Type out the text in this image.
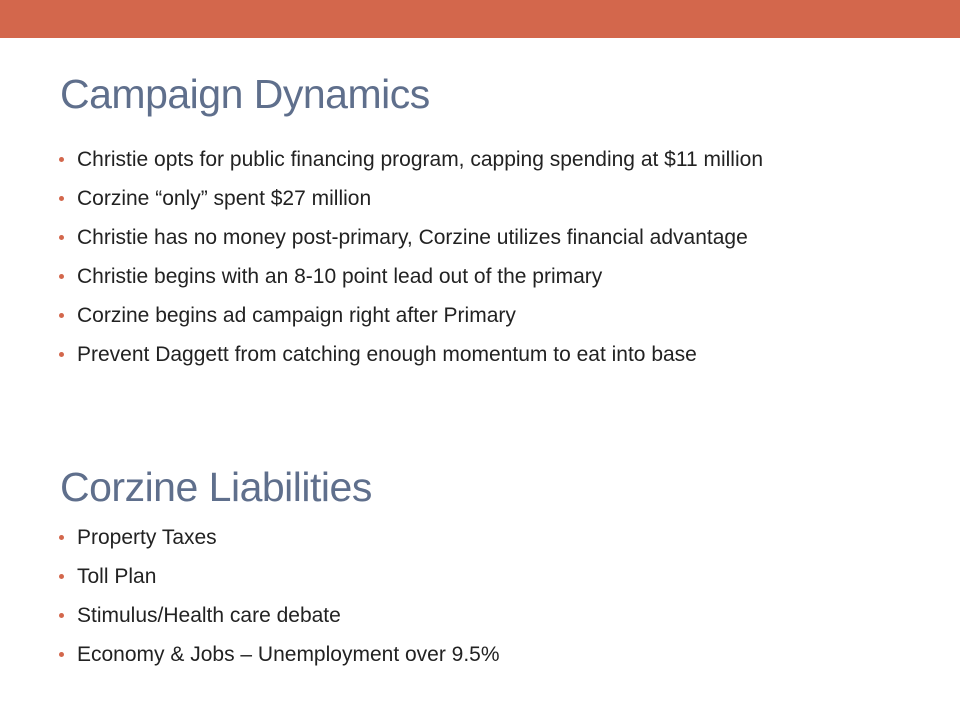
Campaign Dynamics
Christie opts for public financing program, capping spending at $11 million
Corzine “only” spent $27 million
Christie has no money post-primary, Corzine utilizes financial advantage
Christie begins with an 8-10 point lead out of the primary
Corzine begins ad campaign right after Primary
Prevent Daggett from catching enough momentum to eat into base
Corzine Liabilities
Property Taxes
Toll Plan
Stimulus/Health care debate
Economy & Jobs – Unemployment over 9.5%
